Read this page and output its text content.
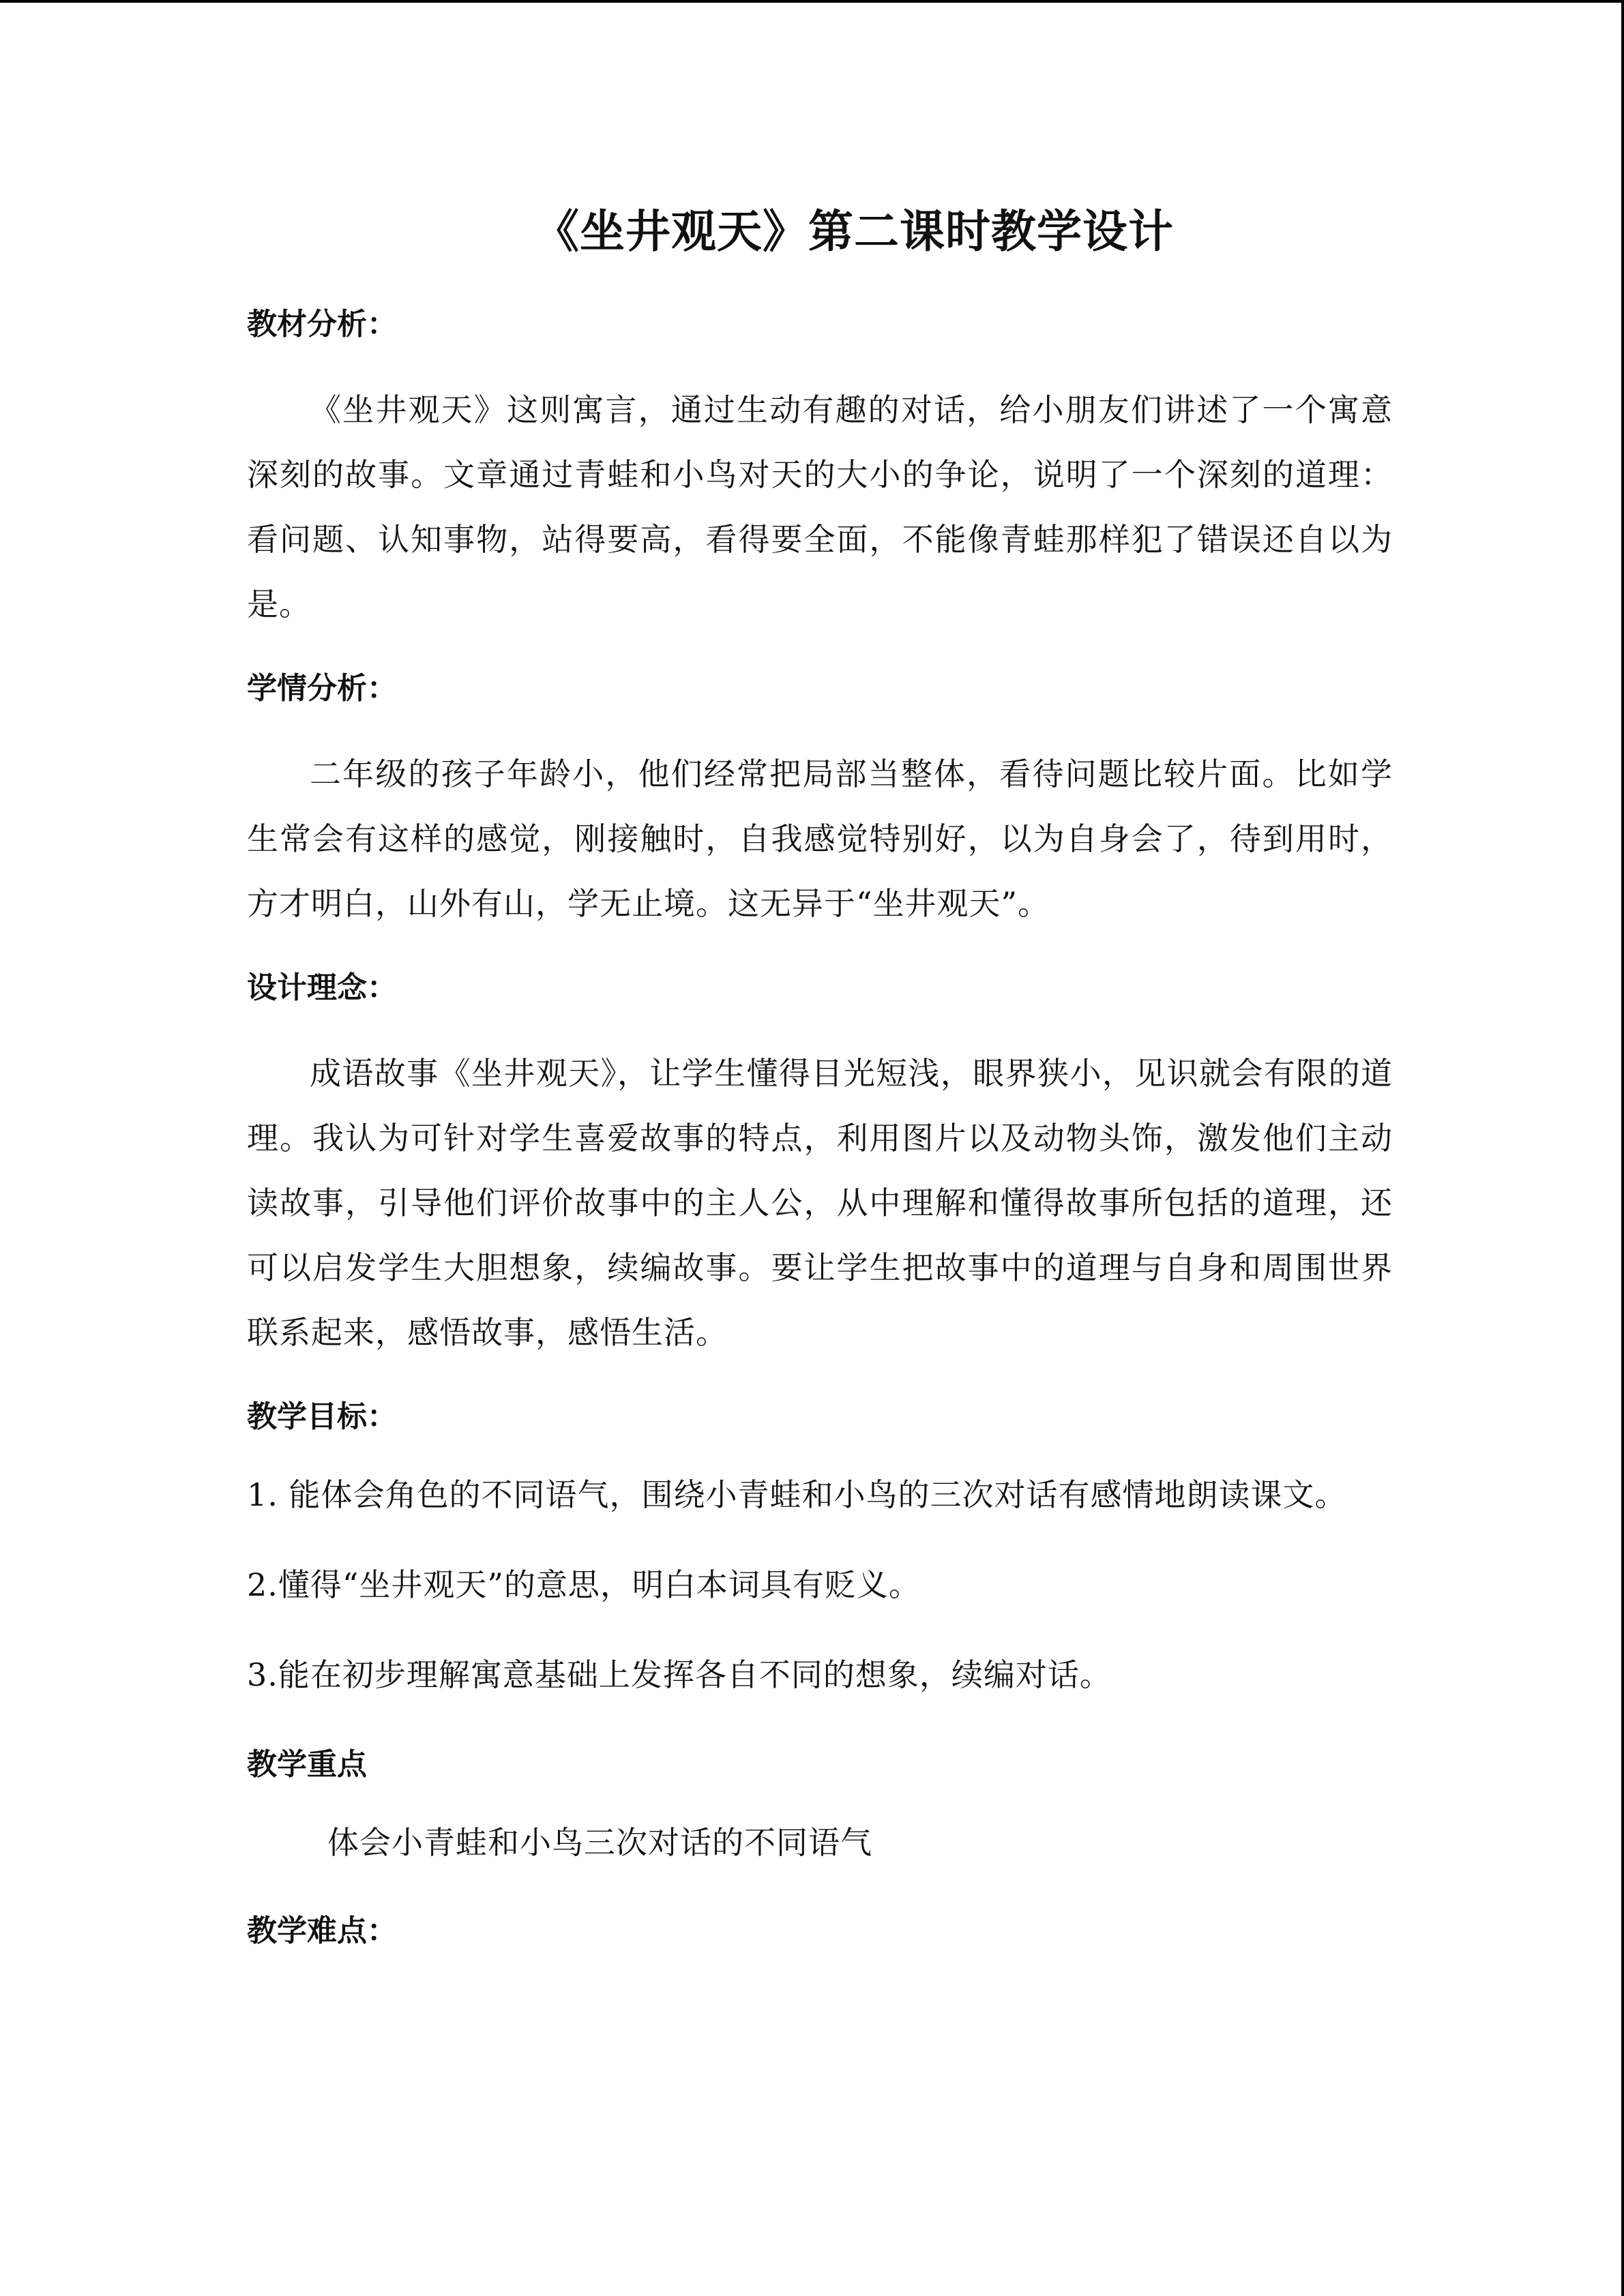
《坐井观天》第二课时教学设计
教材分析：

《坐井观天》这则寓言，通过生动有趣的对话，给小朋友们讲述了一个寓意深刻的故事。文章通过青蛙和小鸟对天的大小的争论，说明了一个深刻的道理：看问题、认知事物，站得要高，看得要全面，不能像青蛙那样犯了错误还自以为是。

学情分析：

二年级的孩子年龄小，他们经常把局部当整体，看待问题比较片面。比如学生常会有这样的感觉，刚接触时，自我感觉特别好，以为自身会了，待到用时，方才明白，山外有山，学无止境。这无异于“坐井观天”。

设计理念：

成语故事《坐井观天》，让学生懂得目光短浅，眼界狭小，见识就会有限的道理。我认为可针对学生喜爱故事的特点，利用图片以及动物头饰，激发他们主动读故事，引导他们评价故事中的主人公，从中理解和懂得故事所包括的道理，还可以启发学生大胆想象，续编故事。要让学生把故事中的道理与自身和周围世界联系起来，感悟故事，感悟生活。

教学目标：
1. 能体会角色的不同语气，围绕小青蛙和小鸟的三次对话有感情地朗读课文。
2.懂得“坐井观天”的意思，明白本词具有贬义。
3.能在初步理解寓意基础上发挥各自不同的想象，续编对话。
教学重点
体会小青蛙和小鸟三次对话的不同语气
教学难点：
